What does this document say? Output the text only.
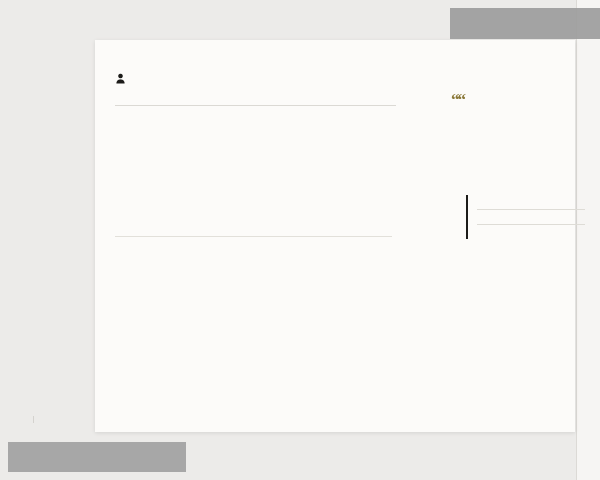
““
